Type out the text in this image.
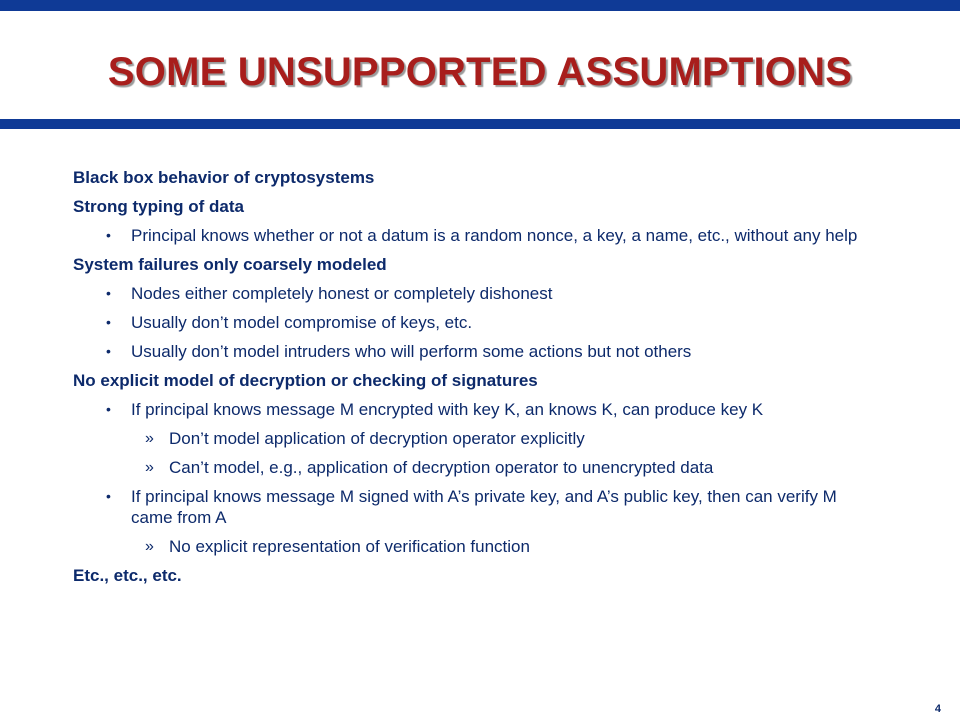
SOME UNSUPPORTED ASSUMPTIONS
Black box behavior of cryptosystems
Strong typing of data
• Principal knows whether or not a datum is a random nonce, a key, a name, etc., without any help
System failures only coarsely modeled
• Nodes either completely honest or completely dishonest
• Usually don’t model compromise of keys, etc.
• Usually don’t model intruders who will perform some actions but not others
No explicit model of decryption or checking of signatures
• If principal knows message M encrypted with key K, an knows K, can produce key K
» Don’t model application of decryption operator explicitly
» Can’t model, e.g., application of decryption operator to unencrypted data
• If principal knows message M signed with A’s private key, and A’s public key, then can verify M came from A
» No explicit representation of verification function
Etc., etc., etc.
4
